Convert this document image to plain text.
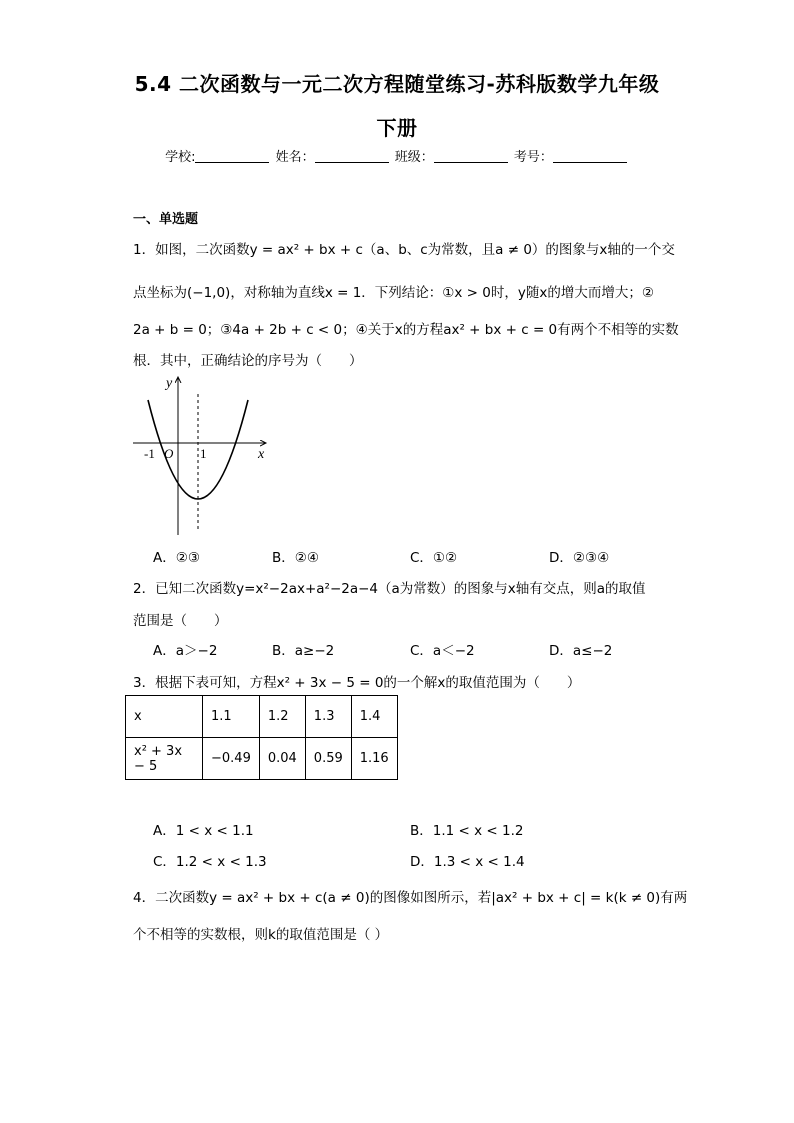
5.4 二次函数与一元二次方程随堂练习-苏科版数学九年级
下册
学校:	姓名：	班级：	考号：
一、单选题
1．如图，二次函数y = ax² + bx + c（a、b、c为常数，且a ≠ 0）的图象与x轴的一个交
点坐标为(−1,0)，对称轴为直线x = 1．下列结论：①x > 0时，y随x的增大而增大；②
2a + b = 0；③4a + 2b + c < 0；④关于x的方程ax² + bx + c = 0有两个不相等的实数
根．其中，正确结论的序号为（　　）
y
x
-1 O 1
A．②③	B．②④	C．①②	D．②③④
2．已知二次函数y=x²−2ax+a²−2a−4（a为常数）的图象与x轴有交点，则a的取值
范围是（　　）
A．a＞−2	B．a≥−2	C．a＜−2	D．a≤−2
3．根据下表可知，方程x² + 3x − 5 = 0的一个解x的取值范围为（　　）
x	1.1	1.2	1.3	1.4
x² + 3x − 5	−0.49	0.04	0.59	1.16
A．1 < x < 1.1	B．1.1 < x < 1.2
C．1.2 < x < 1.3	D．1.3 < x < 1.4
4．二次函数y = ax² + bx + c(a ≠ 0)的图像如图所示，若|ax² + bx + c| = k(k ≠ 0)有两
个不相等的实数根，则k的取值范围是（ ）
